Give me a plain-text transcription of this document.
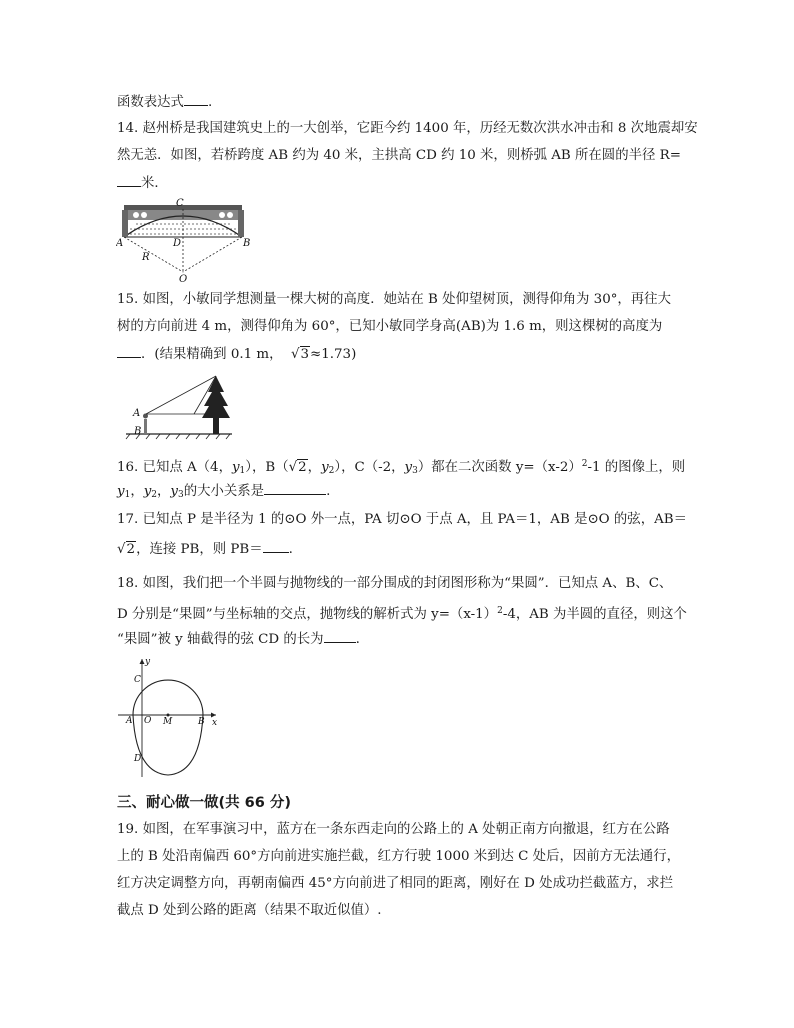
函数表达式 .
14. 赵州桥是我国建筑史上的一大创举，它距今约 1400 年，历经无数次洪水冲击和 8 次地震却安
然无恙．如图，若桥跨度 AB 约为 40 米，主拱高 CD 约 10 米，则桥弧 AB 所在圆的半径 R=
米．
C
A	B
D
R
O
15. 如图，小敏同学想测量一棵大树的高度．她站在 B 处仰望树顶，测得仰角为 30°，再往大
树的方向前进 4 m，测得仰角为 60°，已知小敏同学身高(AB)为 1.6 m，则这棵树的高度为
．(结果精确到 0.1 m，  √3≈1.73)
A
B
16. 已知点 A（4，$y_1$），B（√2，$y_2$），C（-2，$y_3$）都在二次函数 $y=(x-2)^2-1$ 的图像上，则
$y_1$，$y_2$，$y_3$的大小关系是	.
17. 已知点 P 是半径为 1 的⊙O 外一点，PA 切⊙O 于点 A，且 PA＝1，AB 是⊙O 的弦，AB＝
√2，连接 PB，则 PB＝ .
18. 如图，我们把一个半圆与抛物线的一部分围成的封闭图形称为“果圆”．已知点 A、B、C、
D 分别是“果圆”与坐标轴的交点，抛物线的解析式为 $y=(x-1)^2-4$，AB 为半圆的直径，则这个
“果圆”被 y 轴截得的弦 CD 的长为 .
y
x
A O M	B
C
D
三、耐心做一做(共 66 分)
19. 如图，在军事演习中，蓝方在一条东西走向的公路上的 A 处朝正南方向撤退，红方在公路
上的 B 处沿南偏西 60°方向前进实施拦截，红方行驶 1000 米到达 C 处后，因前方无法通行，
红方决定调整方向，再朝南偏西 45°方向前进了相同的距离，刚好在 D 处成功拦截蓝方，求拦
截点 D 处到公路的距离（结果不取近似值）.
